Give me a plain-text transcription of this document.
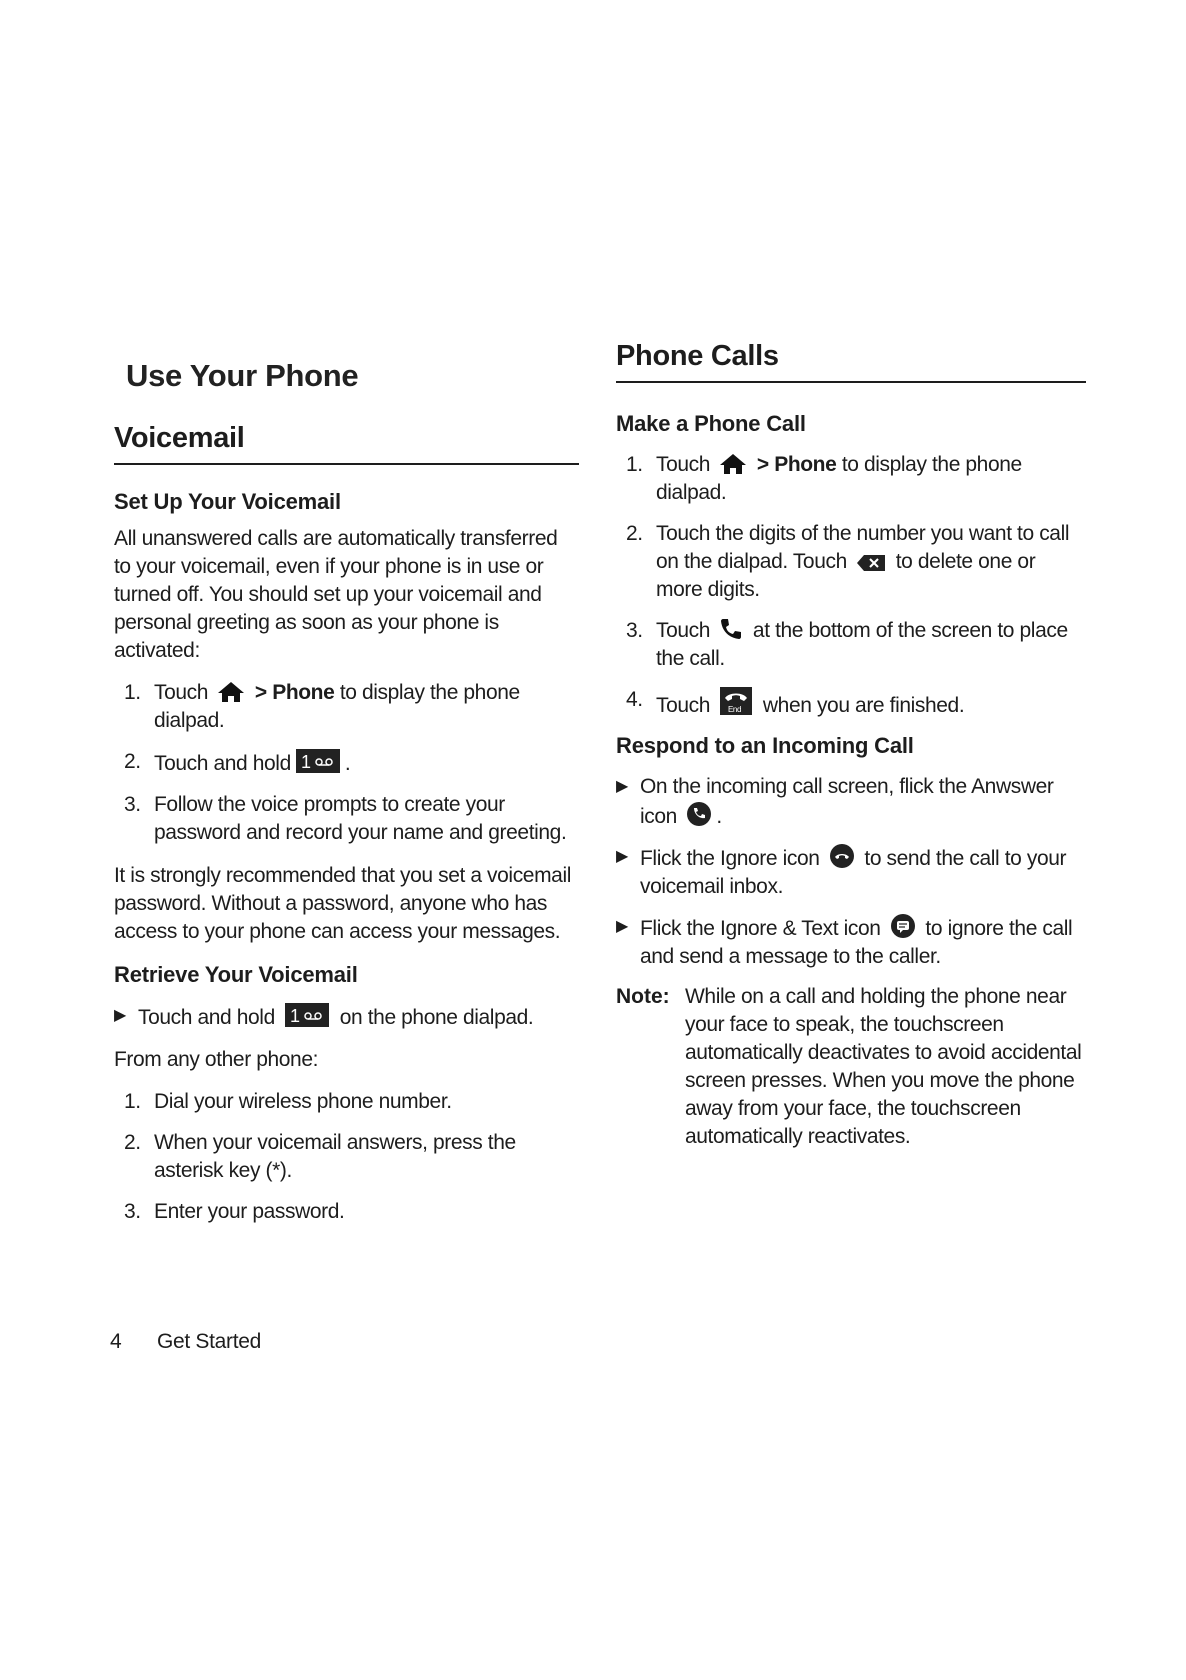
Use Your Phone
Voicemail
Set Up Your Voicemail

All unanswered calls are automatically transferred to your voicemail, even if your phone is in use or turned off. You should set up your voicemail and personal greeting as soon as your phone is activated:

1. Touch > Phone to display the phone dialpad.
2. Touch and hold 1 .
3. Follow the voice prompts to create your password and record your name and greeting.

It is strongly recommended that you set a voicemail password. Without a password, anyone who has access to your phone can access your messages.

Retrieve Your Voicemail
▶ Touch and hold 1 on the phone dialpad.

From any other phone:

1. Dial your wireless phone number.
2. When your voicemail answers, press the asterisk key (*).
3. Enter your password.
Phone Calls
Make a Phone Call
1. Touch > Phone to display the phone dialpad.
2. Touch the digits of the number you want to call on the dialpad. Touch to delete one or more digits.
3. Touch at the bottom of the screen to place the call.
4. Touch End when you are finished.
Respond to an Incoming Call
▶ On the incoming call screen, flick the Anwswer icon .
▶ Flick the Ignore icon to send the call to your voicemail inbox.
▶ Flick the Ignore & Text icon to ignore the call and send a message to the caller.
Note: While on a call and holding the phone near your face to speak, the touchscreen automatically deactivates to avoid accidental screen presses. When you move the phone away from your face, the touchscreen automatically reactivates.

4 Get Started
